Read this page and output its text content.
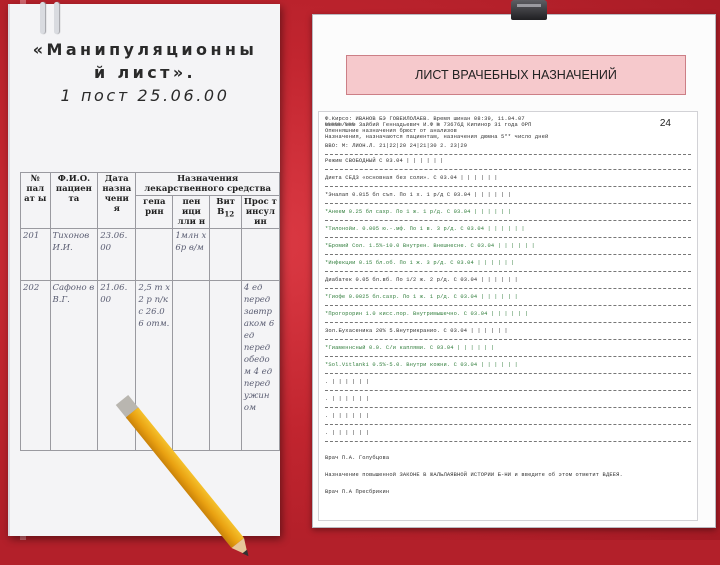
«Манипуляционны
й лист».
1 пост 25.06.00
№ пал ат ы	Ф.И.О. пациен та	Дата назна чени я	Назначения лекарственного средства			
			гепа рин	пен ици лли н	Вит $В_{12}$	Прос т инсул ин
201	Тихонов И.И.	23.06. 00		1млн х 6р в/м		
202	Сафоно в В.Г.	21.06. 00	2,5 т х 2 р п/к с 26.0 6 отм.			4 ед перед завтр аком 6 ед перед обедо м 4 ед перед ужин ом
ЛИСТ ВРАЧЕБНЫХ НАЗНАЧЕНИЙ
24
Ф.Кирсо: ИВАНОВ БЭ ГОВЕИЛОЛАЕВ. Время шинан 08:39, 11.04.07
№№№№№/№№№ Зайбий Геннадьевич И.Ф № 73676Д Кипинор 31 года ОРП
Опенняшние назначения брюст от анализов
Назначения, назначаются пациентам, назначения дюмна 5** число дней
ВВО: М: ЛИОН.Л. 21|22|20 24|21|30 2. 23|29
Режим СВОБОДНЫЙ С 03.04 | | | | | |
Диета СЕДЗ «основная без соли». С 03.04 | | | | | |
*Эналап 0.015 бл съп. По 1 х. 1 р/д С 03.04 | | | | | |
*Анеем 0.25 бл сахр. По 1 ж. 1 р/д. С 03.04 | | | | | |
*Тилонойи. 0.005 ю.-.мф. По 1 в. 3 р/д. С 03.04 | | | | | |
*Бромий Сол. 1.5%-10.0 Внутрен. Внешнесне. С 03.04 | | | | | |
*Инфекции 0.15 бл.об. По 1 ж. 3 р/д. С 03.04 | | | | | |
Диабатек 0.05 бл.вб. По 1/2 ж. 2 р/д. С 03.04 | | | | | |
*Гиофе 0.0025 бл.сахр. По 1 ж. 1 р/д. С 03.04 | | | | | |
*Прогорорин 1.0 кисс.пор. Внутримышечно. С 03.04 | | | | | |
Зол.Бухасеника 20% 5.Внутрикранио. С 03.04 | | | | | |
*Гиаменнсный 0.0. С/и каплями. С 03.04 | | | | | |
*Sol.Vitlanki 0.5%-5.0. Внутри кожни. С 03.04 | | | | | |
. | | | | | |
. | | | | | |
. | | | | | |
. | | | | | |
Врач П.А. Голубцова
Назначение повышенной ЗАКОНЕ В ЖАЛЬЛАЯВНОЙ ИСТОРИИ Б-НИ и введите об этом отметит ВДЕЕЯ.
Врач П.А Пресбрикин
